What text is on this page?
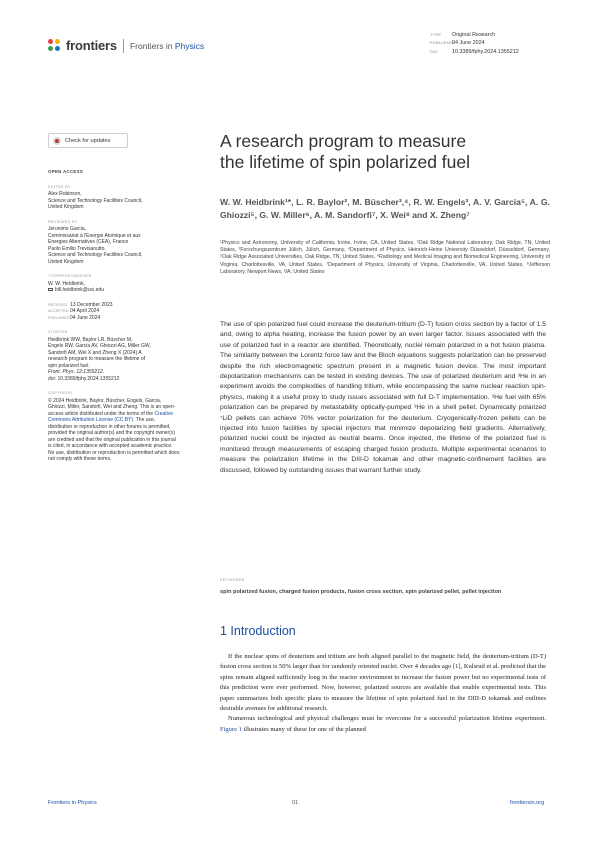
frontiers Frontiers in Physics
TYPE Original Research
PUBLISHED04 June 2024
DOI	10.3389/fphy.2024.1355212
Check for updates
OPEN ACCESS
EDITED BY
Alex Robinson,
Science and Technology Facilities Council,
United Kingdom
REVIEWED BY
Jeronimo Garcia,
Commissariat à l'Energie Atomique et aux
Energies Alternatives (CEA), France
Paolo Emilio Trevisanutto,
Science and Technology Facilities Council,
United Kingdom
*CORRESPONDENCE
W. W. Heidbrink,
bill.heidbrink@uci.edu
RECEIVED 13 December 2023
ACCEPTED04 April 2024
PUBLISHED04 June 2024
CITATION
Heidbrink WW, Baylor LR, Büscher M,
Engels RW, Garcia AV, Ghiozzi AG, Miller GW,
Sandorfi AM, Wei X and Zheng X (2024) A
research program to measure the lifetime of
spin polarized fuel.
Front. Phys. 12:1355212.
doi: 10.3389/fphy.2024.1355212
COPYRIGHT
© 2024 Heidbrink, Baylor, Büscher, Engels, Garcia, Ghiozzi, Miller, Sandorfi, Wei and Zheng. This is an open-access article distributed under the terms of the Creative Commons Attribution License (CC BY). The use, distribution or reproduction in other forums is permitted, provided the original author(s) and the copyright owner(s) are credited and that the original publication in this journal is cited, in accordance with accepted academic practice. No use, distribution or reproduction is permitted which does not comply with these terms.
A research program to measure
the lifetime of spin polarized fuel
W. W. Heidbrink¹*, L. R. Baylor², M. Büscher³,⁴, R. W. Engels³, A. V. Garcia⁵, A. G. Ghiozzi⁵, G. W. Miller⁶, A. M. Sandorfi⁷, X. Wei⁸ and X. Zheng⁷
¹Physics and Astronomy, University of California, Irvine, Irvine, CA, United States, ²Oak Ridge National Laboratory, Oak Ridge, TN, United States, ³Forschungszentrum Jülich, Jülich, Germany, ⁴Department of Physics, Heinrich-Heine University Düsseldorf, Düsseldorf, Germany, ⁵Oak Ridge Associated Universities, Oak Ridge, TN, United States, ⁶Radiology and Medical Imaging and Biomedical Engineering, University of Virginia, Charlottesville, VA, United States, ⁷Department of Physics, University of Virginia, Charlottesville, VA, United States, ⁸Jefferson Laboratory, Newport News, VA, United States
The use of spin polarized fuel could increase the deuterium-tritium (D-T) fusion cross section by a factor of 1.5 and, owing to alpha heating, increase the fusion power by an even larger factor. Issues associated with the use of polarized fuel in a reactor are identified. Theoretically, nuclei remain polarized in a hot fusion plasma. The similarity between the Lorentz force law and the Bloch equations suggests polarization can be preserved despite the rich electromagnetic spectrum present in a magnetic fusion device. The most important depolarization mechanisms can be tested in existing devices. The use of polarized deuterium and ³He in an experiment avoids the complexities of handling tritium, while encompassing the same nuclear reaction spin-physics, making it a useful proxy to study issues associated with full D-T implementation. ³He fuel with 65% polarization can be prepared by metastability optically-pumped ³He in a shell pellet. Dynamically polarized ⁷LiD pellets can achieve 70% vector polarization for the deuterium. Cryogenically-frozen pellets can be injected into fusion facilities by special injectors that minimize depolarizing field gradients. Alternatively, polarized nuclei could be injected as neutral beams. Once injected, the lifetime of the polarized fuel is monitored through measurements of escaping charged fusion products. Multiple experimental scenarios to measure the polarization lifetime in the DIII-D tokamak and other magnetic-confinement facilities are discussed, followed by outstanding issues that warrant further study.
KEYWORDS
spin polarized fusion, charged fusion products, fusion cross section, spin polarized pellet, pellet injection
1 Introduction

If the nuclear spins of deuterium and tritium are both aligned parallel to the magnetic field, the deuterium-tritium (D-T) fusion cross section is 50% larger than for randomly oriented nuclei. Over 4 decades ago [1], Kulsrud et al. predicted that the spins remain aligned sufficiently long in the reactor environment to increase the fusion power but no experimental tests of this prediction were ever performed. Now, however, polarized sources are available that enable experimental tests. This paper summarizes both specific plans to measure the lifetime of spin polarized fuel in the DIII-D tokamak and outlines desirable avenues for additional research.

Numerous technological and physical challenges must be overcome for a successful polarization lifetime experiment. Figure 1 illustrates many of these for one of the planned

Frontiers in Physics	01	frontiersin.org
